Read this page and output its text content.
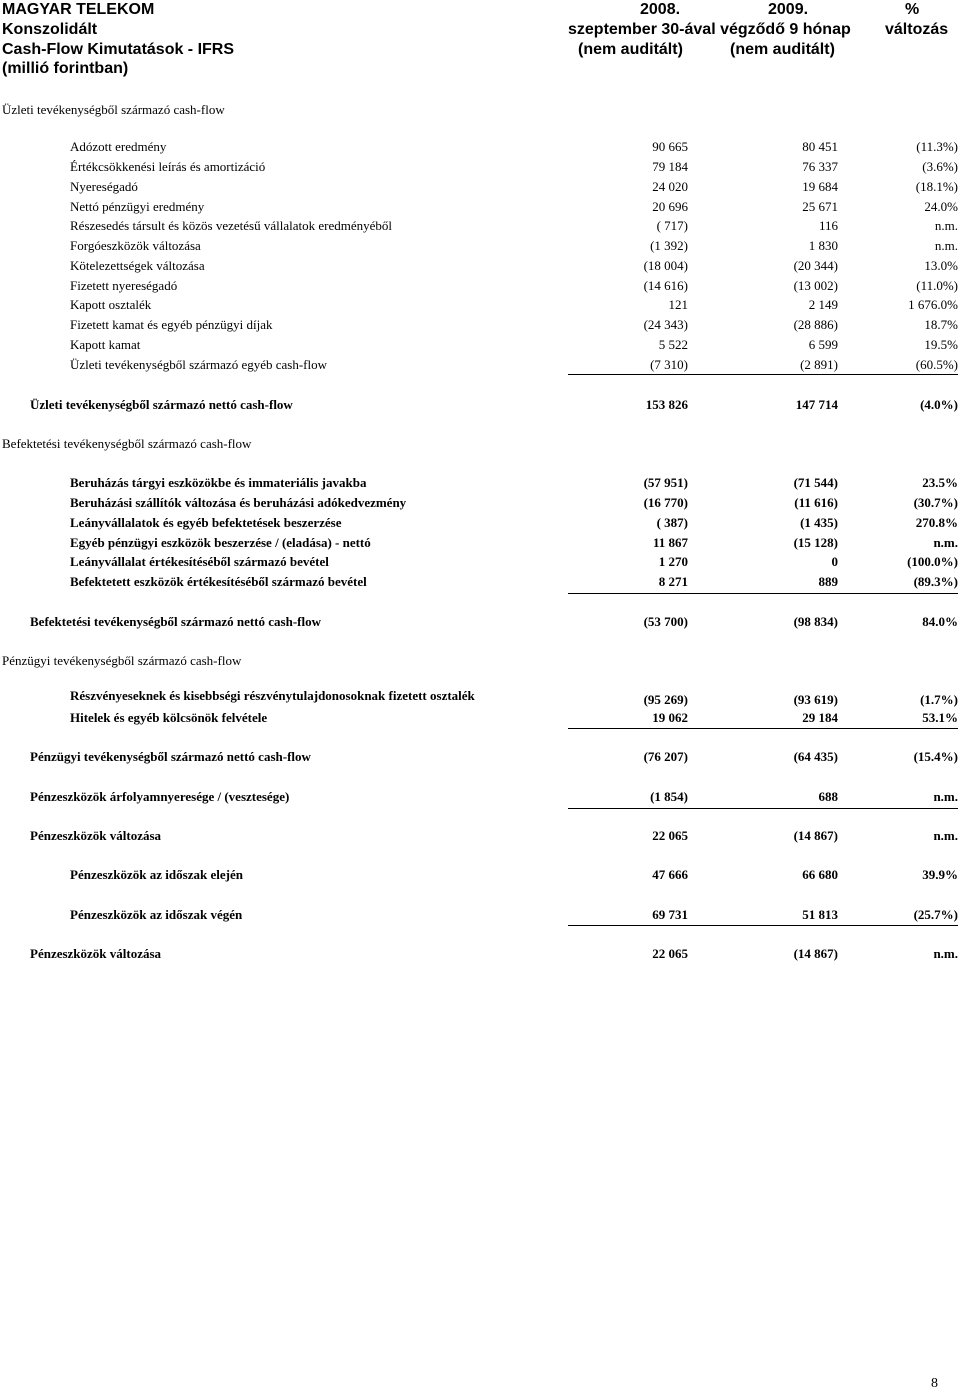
MAGYAR TELEKOM
Konszolidált
Cash-Flow Kimutatások - IFRS
(millió forintban)
2008.	2009.
szeptember 30-ával végződő 9 hónap
(nem auditált)	(nem auditált)
%
változás
Üzleti tevékenységből származó cash-flow
Adózott eredmény	90 665	80 451	(11.3%)
Értékcsökkenési leírás és amortizáció	79 184	76 337	(3.6%)
Nyereségadó	24 020	19 684	(18.1%)
Nettó pénzügyi eredmény	20 696	25 671	24.0%
Részesedés társult és közös vezetésű vállalatok eredményéből	( 717)	116	n.m.
Forgóeszközök változása	(1 392)	1 830	n.m.
Kötelezettségek változása	(18 004)	(20 344)	13.0%
Fizetett nyereségadó	(14 616)	(13 002)	(11.0%)
Kapott osztalék	121	2 149	1 676.0%
Fizetett kamat és egyéb pénzügyi díjak	(24 343)	(28 886)	18.7%
Kapott kamat	5 522	6 599	19.5%
Üzleti tevékenységből származó egyéb cash-flow	(7 310)	(2 891)	(60.5%)
Üzleti tevékenységből származó nettó cash-flow	153 826	147 714	(4.0%)
Befektetési tevékenységből származó cash-flow
Beruházás tárgyi eszközökbe és immateriális javakba	(57 951)	(71 544)	23.5%
Beruházási szállítók változása és beruházási adókedvezmény	(16 770)	(11 616)	(30.7%)
Leányvállalatok és egyéb befektetések beszerzése	( 387)	(1 435)	270.8%
Egyéb pénzügyi eszközök beszerzése / (eladása) - nettó	11 867	(15 128)	n.m.
Leányvállalat értékesítéséből származó bevétel	1 270	0	(100.0%)
Befektetett eszközök értékesítéséből származó bevétel	8 271	889	(89.3%)
Befektetési tevékenységből származó nettó cash-flow	(53 700)	(98 834)	84.0%
Pénzügyi tevékenységből származó cash-flow
Részvényeseknek és kisebbségi részvénytulajdonosoknak fizetett osztalék	(95 269)	(93 619)	(1.7%)
Hitelek és egyéb kölcsönök felvétele	19 062	29 184	53.1%
Pénzügyi tevékenységből származó nettó cash-flow	(76 207)	(64 435)	(15.4%)
Pénzeszközök árfolyamnyeresége / (vesztesége)	(1 854)	688	n.m.
Pénzeszközök változása	22 065	(14 867)	n.m.
Pénzeszközök az időszak elején	47 666	66 680	39.9%
Pénzeszközök az időszak végén	69 731	51 813	(25.7%)
Pénzeszközök változása	22 065	(14 867)	n.m.
8
